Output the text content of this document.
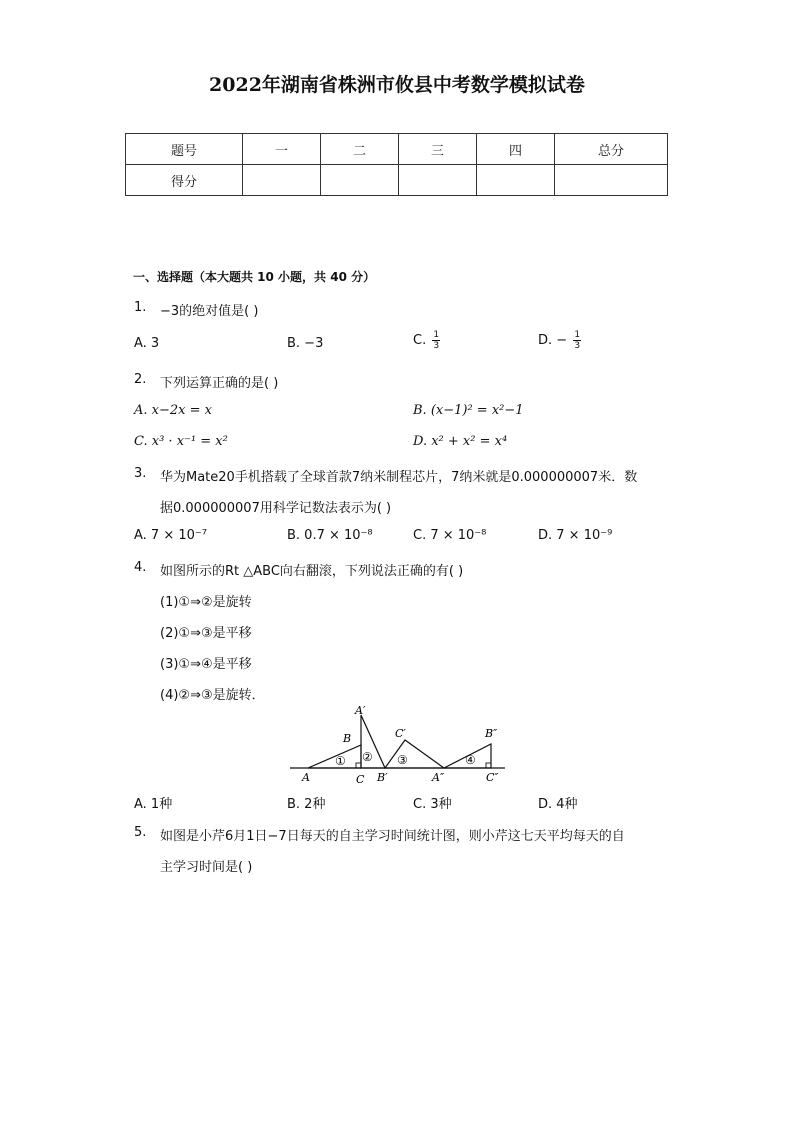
2022年湖南省株洲市攸县中考数学模拟试卷
题号	一	二	三	四	总分
得分					
一、选择题（本大题共 10 小题，共 40 分）
1. −3的绝对值是( )
A. 3	B. −3	C. $\frac{1}{3}$	D. − $\frac{1}{3}$
2. 下列运算正确的是( )
A. x−2x = x	B. (x−1)² = x²−1
C. x³ · x⁻¹ = x²	D. x² + x² = x⁴
3. 华为Mate20手机搭载了全球首款7纳米制程芯片，7纳米就是0.000000007米．数
据0.000000007用科学记数法表示为( )
A. 7 × 10⁻⁷	B. 0.7 × 10⁻⁸	C. 7 × 10⁻⁸	D. 7 × 10⁻⁹
4. 如图所示的Rt △ABC向右翻滚，下列说法正确的有( )
(1)①⇒②是旋转
(2)①⇒③是平移
(3)①⇒④是平移
(4)②⇒③是旋转．
① ② ③	④
A′
B	C′	B″
A	C B′	A″	C″
A. 1种	B. 2种	C. 3种	D. 4种
5. 如图是小芹6月1日−7日每天的自主学习时间统计图，则小芹这七天平均每天的自
主学习时间是( )
